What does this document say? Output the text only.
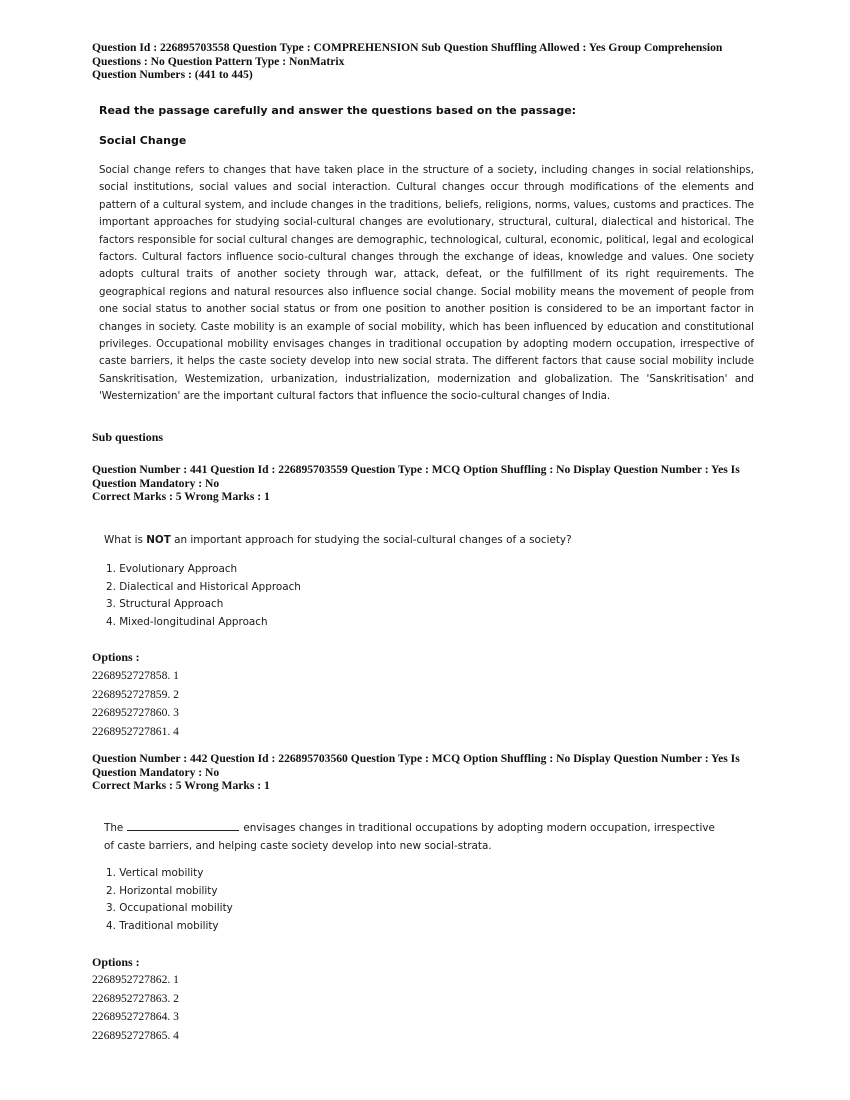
Question Id : 226895703558 Question Type : COMPREHENSION Sub Question Shuffling Allowed : Yes Group Comprehension
Questions : No Question Pattern Type : NonMatrix
Question Numbers : (441 to 445)
Read the passage carefully and answer the questions based on the passage:
Social Change
Social change refers to changes that have taken place in the structure of a society, including changes in social relationships, social institutions, social values and social interaction. Cultural changes occur through modifications of the elements and pattern of a cultural system, and include changes in the traditions, beliefs, religions, norms, values, customs and practices. The important approaches for studying social-cultural changes are evolutionary, structural, cultural, dialectical and historical. The factors responsible for social cultural changes are demographic, technological, cultural, economic, political, legal and ecological factors. Cultural factors influence socio-cultural changes through the exchange of ideas, knowledge and values. One society adopts cultural traits of another society through war, attack, defeat, or the fulfillment of its right requirements. The geographical regions and natural resources also influence social change. Social mobility means the movement of people from one social status to another social status or from one position to another position is considered to be an important factor in changes in society. Caste mobility is an example of social mobility, which has been influenced by education and constitutional privileges. Occupational mobility envisages changes in traditional occupation by adopting modern occupation, irrespective of caste barriers, it helps the caste society develop into new social strata. The different factors that cause social mobility include Sanskritisation, Westemization, urbanization, industrialization, modernization and globalization. The 'Sanskritisation' and 'Westernization' are the important cultural factors that influence the socio-cultural changes of India.
Sub questions
Question Number : 441 Question Id : 226895703559 Question Type : MCQ Option Shuffling : No Display Question Number : Yes Is
Question Mandatory : No
Correct Marks : 5 Wrong Marks : 1
What is NOT an important approach for studying the social-cultural changes of a society?
1. Evolutionary Approach
2. Dialectical and Historical Approach
3. Structural Approach
4. Mixed-longitudinal Approach
Options :
2268952727858. 1
2268952727859. 2
2268952727860. 3
2268952727861. 4
Question Number : 442 Question Id : 226895703560 Question Type : MCQ Option Shuffling : No Display Question Number : Yes Is
Question Mandatory : No
Correct Marks : 5 Wrong Marks : 1
The	envisages changes in traditional occupations by adopting modern occupation, irrespective
of caste barriers, and helping caste society develop into new social-strata.
1. Vertical mobility
2. Horizontal mobility
3. Occupational mobility
4. Traditional mobility
Options :
2268952727862. 1
2268952727863. 2
2268952727864. 3
2268952727865. 4
